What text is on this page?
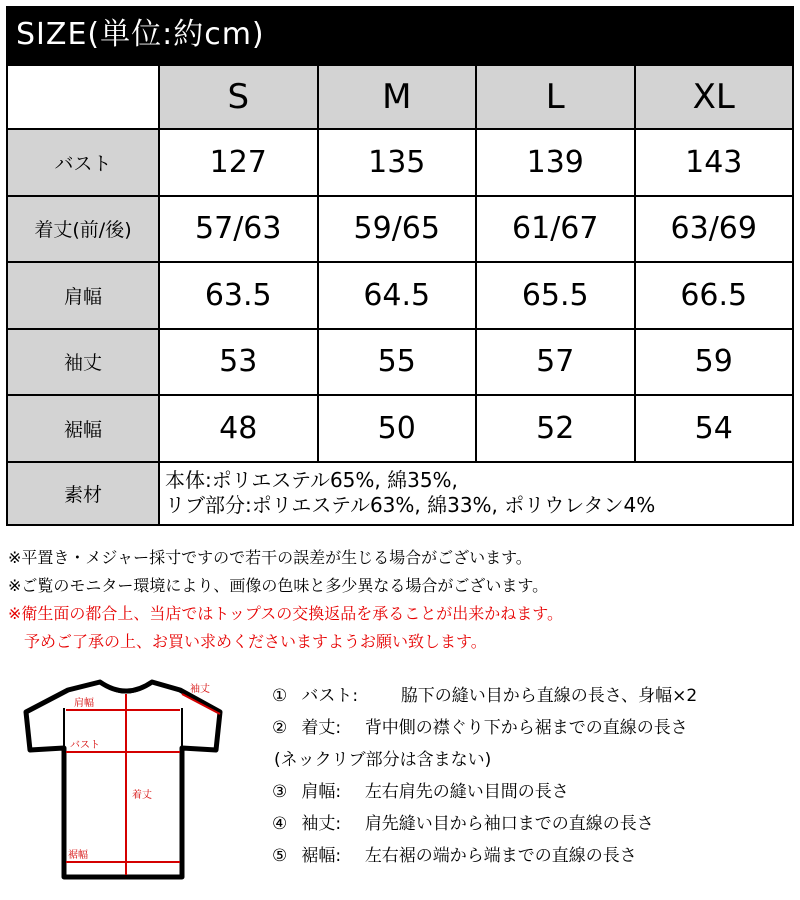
SIZE(単位:約cm)
	S	M	L	XL
バスト	127	135	139	143
着丈(前/後)	57/63	59/65	61/67	63/69
肩幅	63.5	64.5	65.5	66.5
袖丈	53	55	57	59
裾幅	48	50	52	54
素材	本体:ポリエステル65%, 綿35%,
リブ部分:ポリエステル63%, 綿33%, ポリウレタン4%			
※平置き・メジャー採寸ですので若干の誤差が生じる場合がございます。
※ご覧のモニター環境により、画像の色味と多少異なる場合がございます。
※衛生面の都合上、当店ではトップスの交換返品を承ることが出来かねます。
予めご了承の上、お買い求めくださいますようお願い致します。
肩幅
袖丈
バスト
着丈
裾幅
① バスト:	脇下の縫い目から直線の長さ、身幅×2
② 着丈: 背中側の襟ぐり下から裾までの直線の長さ
(ネックリブ部分は含まない)
③ 肩幅: 左右肩先の縫い目間の長さ
④ 袖丈: 肩先縫い目から袖口までの直線の長さ
⑤ 裾幅: 左右裾の端から端までの直線の長さ
